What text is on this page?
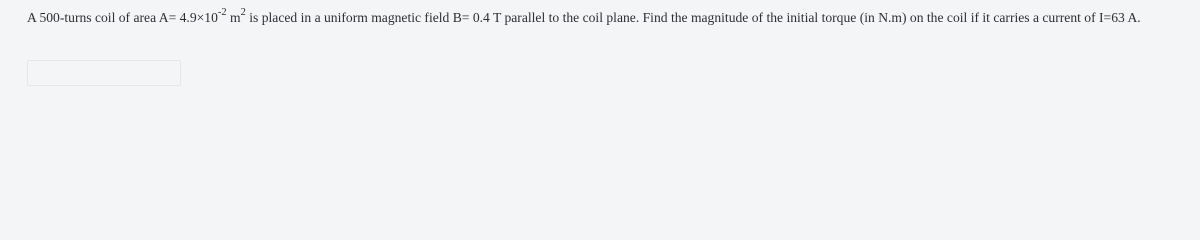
A 500-turns coil of area $A= 4.9\times 10^{-2}$ $m^2$ is placed in a uniform magnetic field B= 0.4 T parallel to the coil plane. Find the magnitude of the initial torque (in N.m) on the coil if it carries a current of I=63 A.
